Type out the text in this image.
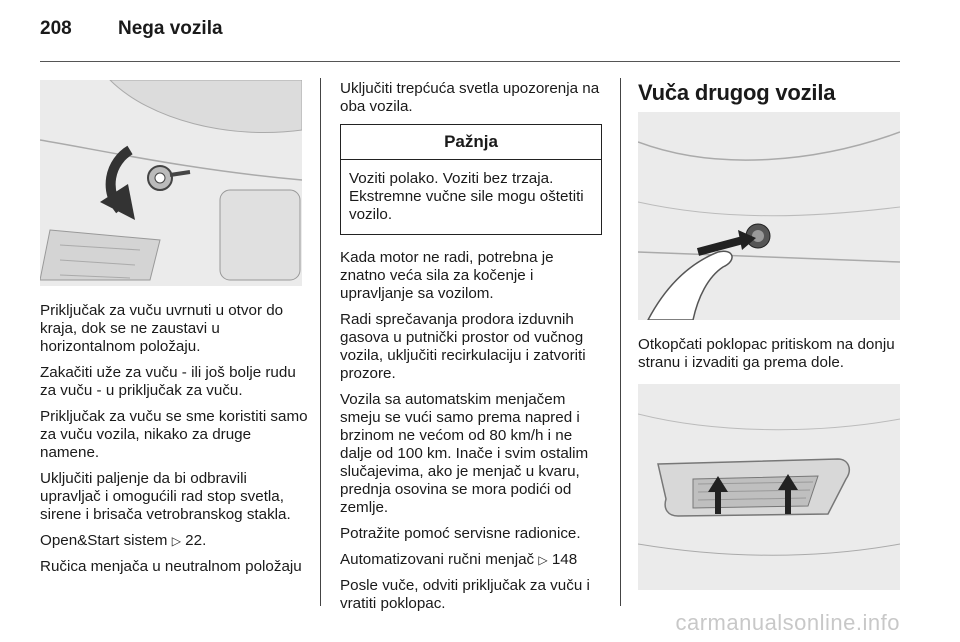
208 Nega vozila

Priključak za vuču uvrnuti u otvor do kraja, dok se ne zaustavi u horizontalnom položaju.

Zakačiti uže za vuču - ili još bolje rudu za vuču - u priključak za vuču.

Priključak za vuču se sme koristiti samo za vuču vozila, nikako za druge namene.

Uključiti paljenje da bi odbravili upravljač i omogućili rad stop svetla, sirene i brisača vetrobranskog stakla.

Open&Start sistem ▷ 22.

Ručica menjača u neutralnom položaju

Uključiti trepćuća svetla upozorenja na oba vozila.

Pažnja

Voziti polako. Voziti bez trzaja. Ekstremne vučne sile mogu oštetiti vozilo.

Kada motor ne radi, potrebna je znatno veća sila za kočenje i upravljanje sa vozilom.

Radi sprečavanja prodora izduvnih gasova u putnički prostor od vučnog vozila, uključiti recirkulaciju i zatvoriti prozore.

Vozila sa automatskim menjačem smeju se vući samo prema napred i brzinom ne većom od 80 km/h i ne dalje od 100 km. Inače i svim ostalim slučajevima, ako je menjač u kvaru, prednja osovina se mora podići od zemlje.

Potražite pomoć servisne radionice.

Automatizovani ručni menjač ▷ 148

Posle vuče, odviti priključak za vuču i vratiti poklopac.

Vuča drugog vozila

Otkopčati poklopac pritiskom na donju stranu i izvaditi ga prema dole.

carmanualsonline.info
